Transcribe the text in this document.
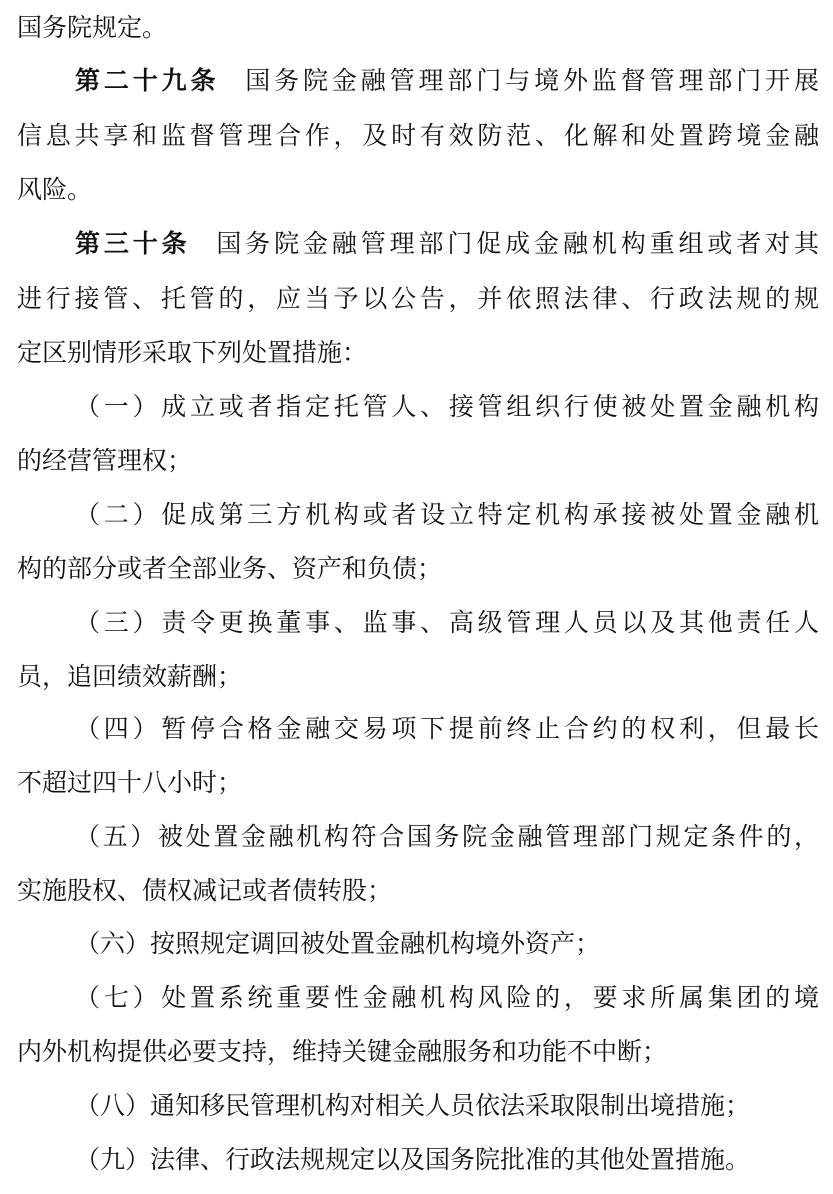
国务院规定。
第二十九条 国务院金融管理部门与境外监督管理部门开展
信息共享和监督管理合作，及时有效防范、化解和处置跨境金融
风险。
第三十条 国务院金融管理部门促成金融机构重组或者对其
进行接管、托管的，应当予以公告，并依照法律、行政法规的规
定区别情形采取下列处置措施：
（一）成立或者指定托管人、接管组织行使被处置金融机构
的经营管理权；
（二）促成第三方机构或者设立特定机构承接被处置金融机
构的部分或者全部业务、资产和负债；
（三）责令更换董事、监事、高级管理人员以及其他责任人
员，追回绩效薪酬；
（四）暂停合格金融交易项下提前终止合约的权利，但最长
不超过四十八小时；
（五）被处置金融机构符合国务院金融管理部门规定条件的，
实施股权、债权减记或者债转股；
（六）按照规定调回被处置金融机构境外资产；
（七）处置系统重要性金融机构风险的，要求所属集团的境
内外机构提供必要支持，维持关键金融服务和功能不中断；
（八）通知移民管理机构对相关人员依法采取限制出境措施；
（九）法律、行政法规规定以及国务院批准的其他处置措施。
